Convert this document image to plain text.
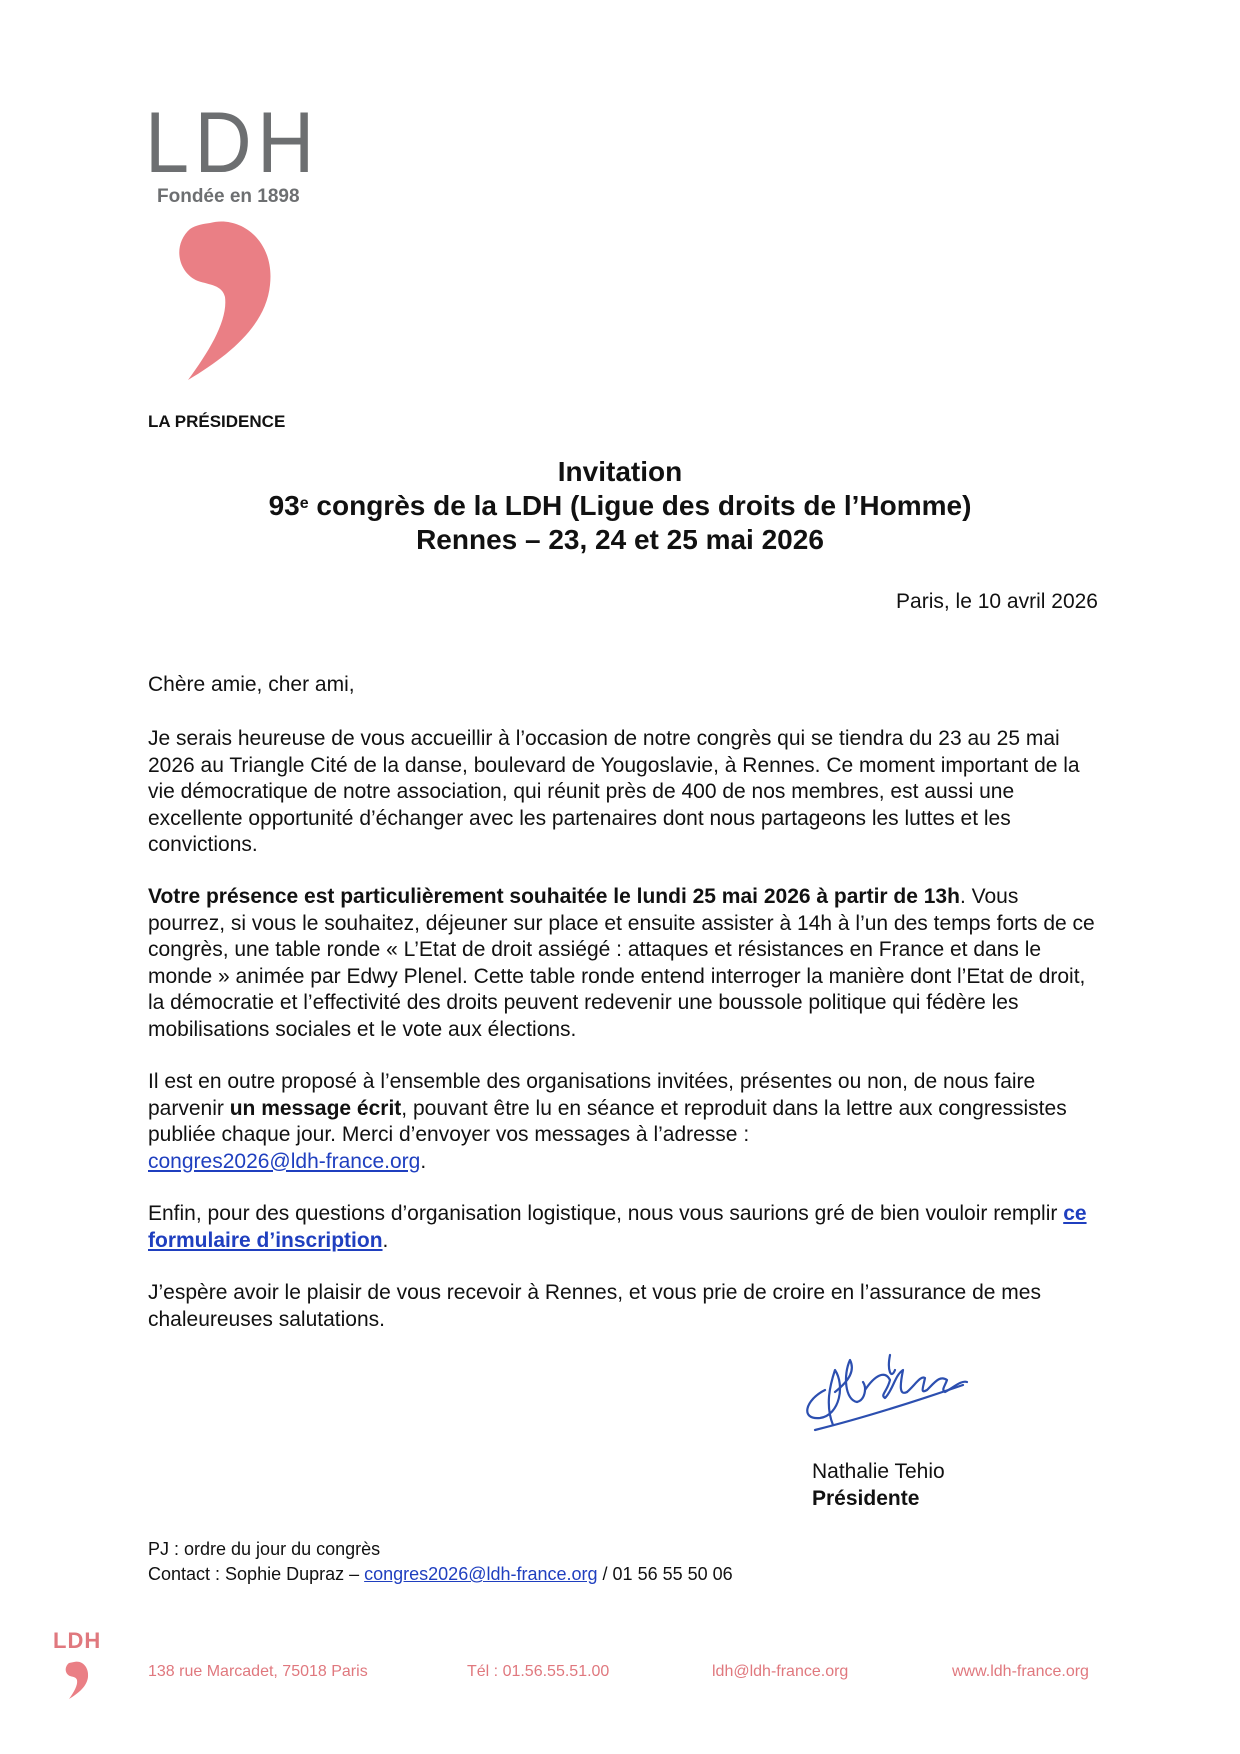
LDH
Fondée en 1898
LA PRÉSIDENCE
Invitation
93e congrès de la LDH (Ligue des droits de l’Homme)
Rennes – 23, 24 et 25 mai 2026
Paris, le 10 avril 2026
Chère amie, cher ami,

Je serais heureuse de vous accueillir à l’occasion de notre congrès qui se tiendra du 23 au 25 mai 2026 au Triangle Cité de la danse, boulevard de Yougoslavie, à Rennes. Ce moment important de la vie démocratique de notre association, qui réunit près de 400 de nos membres, est aussi une excellente opportunité d’échanger avec les partenaires dont nous partageons les luttes et les convictions.

Votre présence est particulièrement souhaitée le lundi 25 mai 2026 à partir de 13h. Vous pourrez, si vous le souhaitez, déjeuner sur place et ensuite assister à 14h à l’un des temps forts de ce congrès, une table ronde « L’Etat de droit assiégé : attaques et résistances en France et dans le monde » animée par Edwy Plenel. Cette table ronde entend interroger la manière dont l’Etat de droit, la démocratie et l’effectivité des droits peuvent redevenir une boussole politique qui fédère les mobilisations sociales et le vote aux élections.

Il est en outre proposé à l’ensemble des organisations invitées, présentes ou non, de nous faire parvenir un message écrit, pouvant être lu en séance et reproduit dans la lettre aux congressistes publiée chaque jour. Merci d’envoyer vos messages à l’adresse :
congres2026@ldh-france.org.

Enfin, pour des questions d’organisation logistique, nous vous saurions gré de bien vouloir remplir ce formulaire d’inscription.

J’espère avoir le plaisir de vous recevoir à Rennes, et vous prie de croire en l’assurance de mes chaleureuses salutations.

Nathalie Tehio
Présidente
PJ : ordre du jour du congrès
Contact : Sophie Dupraz – congres2026@ldh-france.org / 01 56 55 50 06
LDH
138 rue Marcadet, 75018 Paris	Tél : 01.56.55.51.00	ldh@ldh-france.org	www.ldh-france.org
